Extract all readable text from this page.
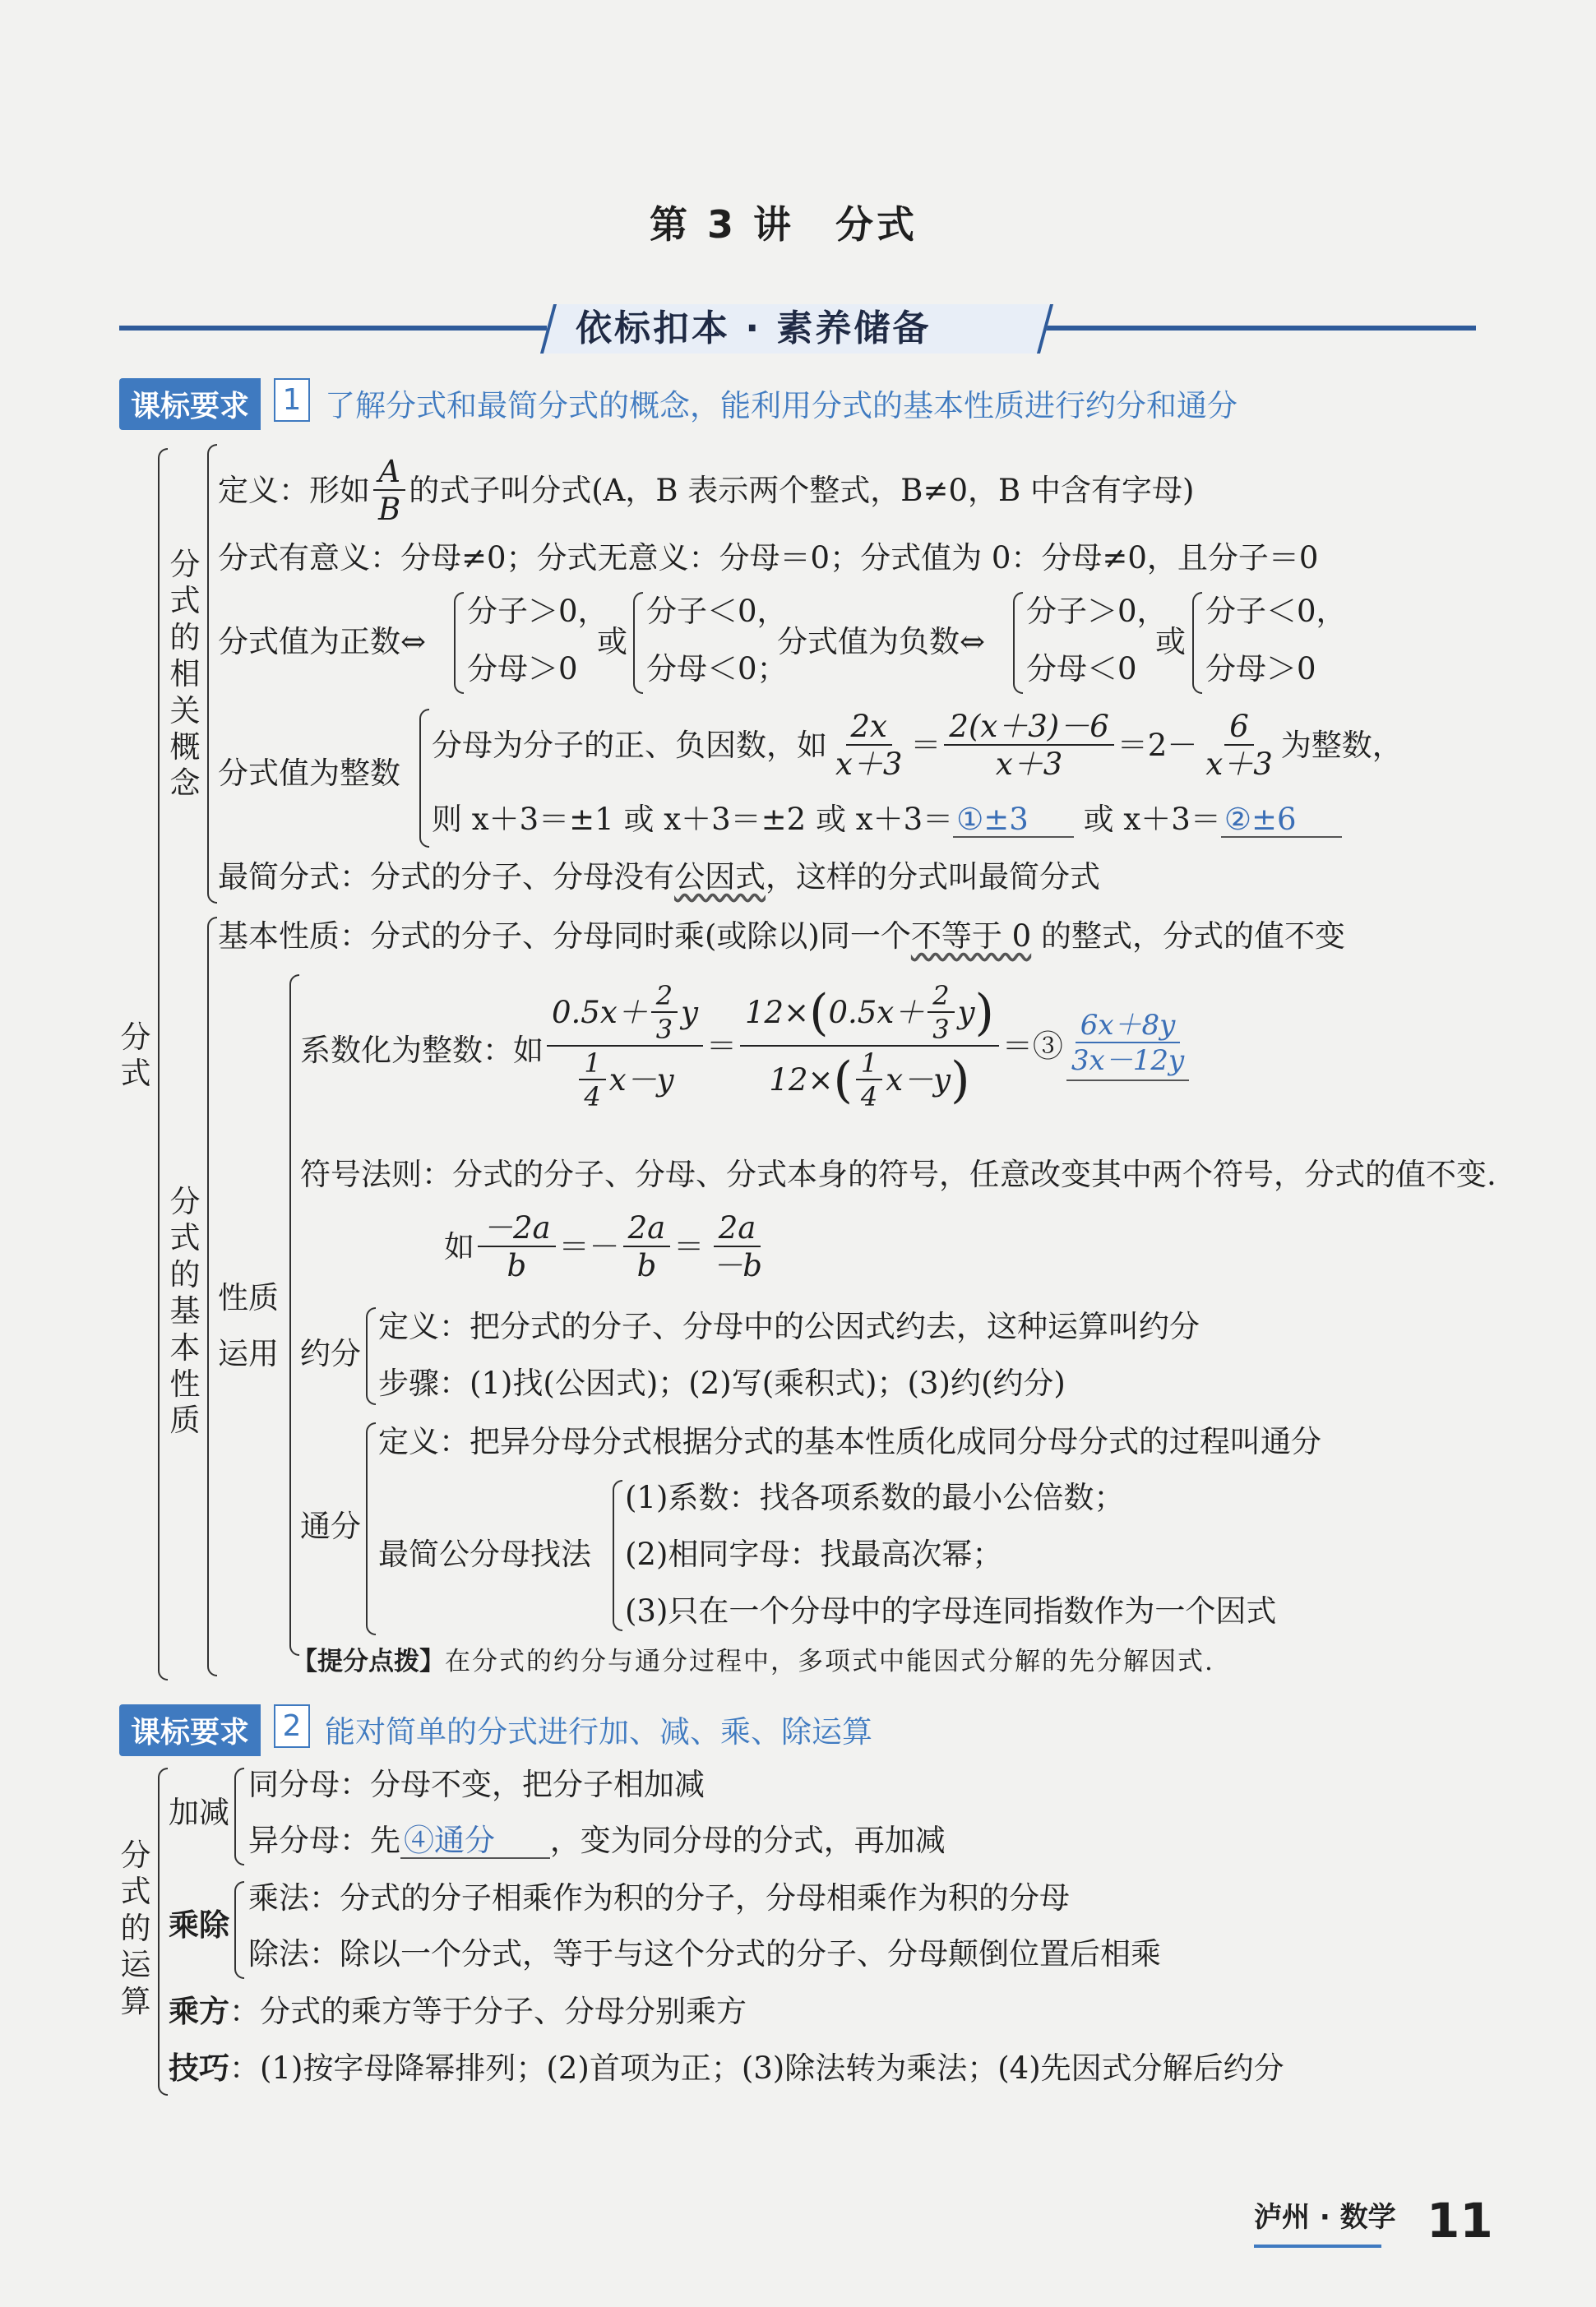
第 3 讲　分式
依标扣本 · 素养储备
课标要求	1 了解分式和最简分式的概念，能利用分式的基本性质进行约分和通分
分式
分式的相关概念
定义：形如 $\frac{A}{B}$ 的式子叫分式(A，B 表示两个整式，B≠0，B 中含有字母)
分式有意义：分母≠0；分式无意义：分母＝0；分式值为 0：分母≠0，且分子＝0
分式值为正数⇔
分子＞0，
分母＞0
或
分子＜0，
分母＜0；
分式值为负数⇔
分子＞0，
分母＜0
或
分子＜0，
分母＞0
分式值为整数
分母为分子的正、负因数，如 $\frac{2x}{x+3} = \frac{2(x+3)-6}{x+3} =2- \frac{6}{x+3}$ 为整数，
则 x＋3＝±1 或 x＋3＝±2 或 x＋3＝ ①±3     或 x＋3＝ ②±6
最简分式：分式的分子、分母没有公因式，这样的分式叫最简分式
分式的基本性质
基本性质：分式的分子、分母同时乘(或除以)同一个不等于 0 的整式，分式的值不变
性质
运用
系数化为整数：如 $\frac{0.5x+ \frac{2}{3} y}{\frac{1}{4} x-y} = \frac{12\times ( 0.5x+ \frac{2}{3} y )}{12\times ( \frac{1}{4} x-y )}$ ＝③ $\frac{6x+8y}{3x-12y}$
符号法则：分式的分子、分母、分式本身的符号，任意改变其中两个符号，分式的值不变.
如 $\frac{-2a}{b} =- \frac{2a}{b} = \frac{2a}{-b}$
约分
定义：把分式的分子、分母中的公因式约去，这种运算叫约分
步骤：(1)找(公因式)；(2)写(乘积式)；(3)约(约分)
通分
定义：把异分母分式根据分式的基本性质化成同分母分式的过程叫通分
最简公分母找法
(1)系数：找各项系数的最小公倍数；
(2)相同字母：找最高次幂；
(3)只在一个分母中的字母连同指数作为一个因式
【提分点拨】在分式的约分与通分过程中，多项式中能因式分解的先分解因式.
课标要求	2 能对简单的分式进行加、减、乘、除运算
分式的运算
加减
同分母：分母不变，把分子相加减
异分母：先 ④通分 ，变为同分母的分式，再加减
乘除
乘法：分式的分子相乘作为积的分子，分母相乘作为积的分母
除法：除以一个分式，等于与这个分式的分子、分母颠倒位置后相乘
乘方：分式的乘方等于分子、分母分别乘方
技巧：(1)按字母降幂排列；(2)首项为正；(3)除法转为乘法；(4)先因式分解后约分
泸州 · 数学 11
